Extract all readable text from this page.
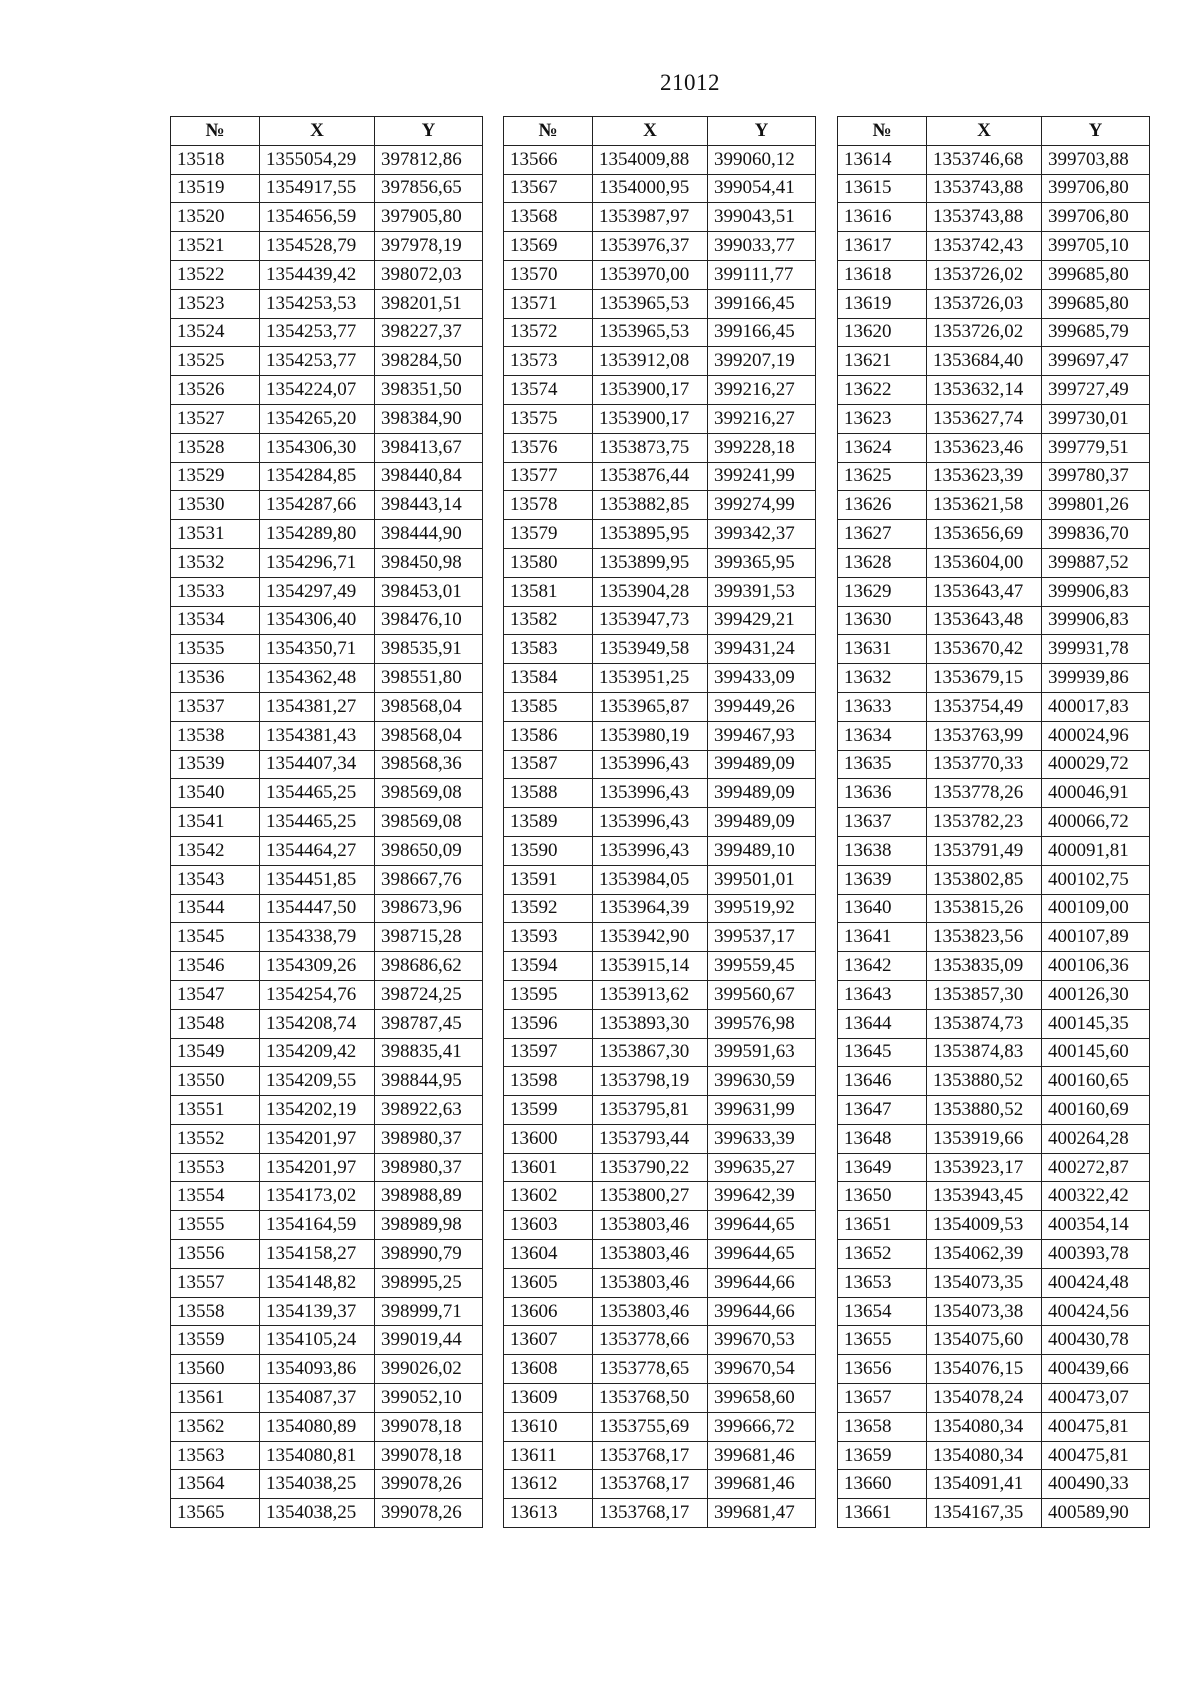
21012
№	X	Y
13518	1355054,29	397812,86
13519	1354917,55	397856,65
13520	1354656,59	397905,80
13521	1354528,79	397978,19
13522	1354439,42	398072,03
13523	1354253,53	398201,51
13524	1354253,77	398227,37
13525	1354253,77	398284,50
13526	1354224,07	398351,50
13527	1354265,20	398384,90
13528	1354306,30	398413,67
13529	1354284,85	398440,84
13530	1354287,66	398443,14
13531	1354289,80	398444,90
13532	1354296,71	398450,98
13533	1354297,49	398453,01
13534	1354306,40	398476,10
13535	1354350,71	398535,91
13536	1354362,48	398551,80
13537	1354381,27	398568,04
13538	1354381,43	398568,04
13539	1354407,34	398568,36
13540	1354465,25	398569,08
13541	1354465,25	398569,08
13542	1354464,27	398650,09
13543	1354451,85	398667,76
13544	1354447,50	398673,96
13545	1354338,79	398715,28
13546	1354309,26	398686,62
13547	1354254,76	398724,25
13548	1354208,74	398787,45
13549	1354209,42	398835,41
13550	1354209,55	398844,95
13551	1354202,19	398922,63
13552	1354201,97	398980,37
13553	1354201,97	398980,37
13554	1354173,02	398988,89
13555	1354164,59	398989,98
13556	1354158,27	398990,79
13557	1354148,82	398995,25
13558	1354139,37	398999,71
13559	1354105,24	399019,44
13560	1354093,86	399026,02
13561	1354087,37	399052,10
13562	1354080,89	399078,18
13563	1354080,81	399078,18
13564	1354038,25	399078,26
13565	1354038,25	399078,26
№	X	Y
13566	1354009,88	399060,12
13567	1354000,95	399054,41
13568	1353987,97	399043,51
13569	1353976,37	399033,77
13570	1353970,00	399111,77
13571	1353965,53	399166,45
13572	1353965,53	399166,45
13573	1353912,08	399207,19
13574	1353900,17	399216,27
13575	1353900,17	399216,27
13576	1353873,75	399228,18
13577	1353876,44	399241,99
13578	1353882,85	399274,99
13579	1353895,95	399342,37
13580	1353899,95	399365,95
13581	1353904,28	399391,53
13582	1353947,73	399429,21
13583	1353949,58	399431,24
13584	1353951,25	399433,09
13585	1353965,87	399449,26
13586	1353980,19	399467,93
13587	1353996,43	399489,09
13588	1353996,43	399489,09
13589	1353996,43	399489,09
13590	1353996,43	399489,10
13591	1353984,05	399501,01
13592	1353964,39	399519,92
13593	1353942,90	399537,17
13594	1353915,14	399559,45
13595	1353913,62	399560,67
13596	1353893,30	399576,98
13597	1353867,30	399591,63
13598	1353798,19	399630,59
13599	1353795,81	399631,99
13600	1353793,44	399633,39
13601	1353790,22	399635,27
13602	1353800,27	399642,39
13603	1353803,46	399644,65
13604	1353803,46	399644,65
13605	1353803,46	399644,66
13606	1353803,46	399644,66
13607	1353778,66	399670,53
13608	1353778,65	399670,54
13609	1353768,50	399658,60
13610	1353755,69	399666,72
13611	1353768,17	399681,46
13612	1353768,17	399681,46
13613	1353768,17	399681,47
№	X	Y
13614	1353746,68	399703,88
13615	1353743,88	399706,80
13616	1353743,88	399706,80
13617	1353742,43	399705,10
13618	1353726,02	399685,80
13619	1353726,03	399685,80
13620	1353726,02	399685,79
13621	1353684,40	399697,47
13622	1353632,14	399727,49
13623	1353627,74	399730,01
13624	1353623,46	399779,51
13625	1353623,39	399780,37
13626	1353621,58	399801,26
13627	1353656,69	399836,70
13628	1353604,00	399887,52
13629	1353643,47	399906,83
13630	1353643,48	399906,83
13631	1353670,42	399931,78
13632	1353679,15	399939,86
13633	1353754,49	400017,83
13634	1353763,99	400024,96
13635	1353770,33	400029,72
13636	1353778,26	400046,91
13637	1353782,23	400066,72
13638	1353791,49	400091,81
13639	1353802,85	400102,75
13640	1353815,26	400109,00
13641	1353823,56	400107,89
13642	1353835,09	400106,36
13643	1353857,30	400126,30
13644	1353874,73	400145,35
13645	1353874,83	400145,60
13646	1353880,52	400160,65
13647	1353880,52	400160,69
13648	1353919,66	400264,28
13649	1353923,17	400272,87
13650	1353943,45	400322,42
13651	1354009,53	400354,14
13652	1354062,39	400393,78
13653	1354073,35	400424,48
13654	1354073,38	400424,56
13655	1354075,60	400430,78
13656	1354076,15	400439,66
13657	1354078,24	400473,07
13658	1354080,34	400475,81
13659	1354080,34	400475,81
13660	1354091,41	400490,33
13661	1354167,35	400589,90
